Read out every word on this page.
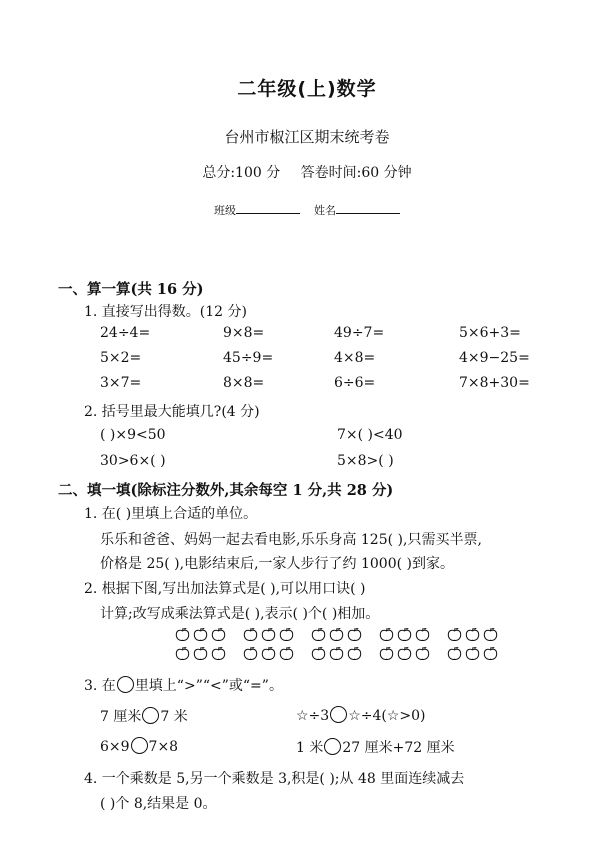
二年级(上)数学
台州市椒江区期末统考卷
总分:100 分 答卷时间:60 分钟
班级	姓名
一、算一算(共 16 分)
1. 直接写出得数。(12 分)
24÷4=	9×8=	49÷7=	5×6+3=
5×2=	45÷9=	4×8=	4×9−25=
3×7=	8×8=	6÷6=	7×8+30=
2. 括号里最大能填几?(4 分)
( )×9<50	7×( )<40
30>6×( )	5×8>( )
二、填一填(除标注分数外,其余每空 1 分,共 28 分)
1. 在( )里填上合适的单位。
乐乐和爸爸、妈妈一起去看电影,乐乐身高 125( ),只需买半票,
价格是 25( ),电影结束后,一家人步行了约 1000( )到家。
2. 根据下图,写出加法算式是( ),可以用口诀( )
计算;改写成乘法算式是( ),表示( )个( )相加。
3. 在 里填上“>”“<”或“=”。
7 厘米 7 米	☆÷3 ☆÷4(☆>0)
6×9 7×8	1 米 27 厘米+72 厘米
4. 一个乘数是 5,另一个乘数是 3,积是( );从 48 里面连续减去
( )个 8,结果是 0。
